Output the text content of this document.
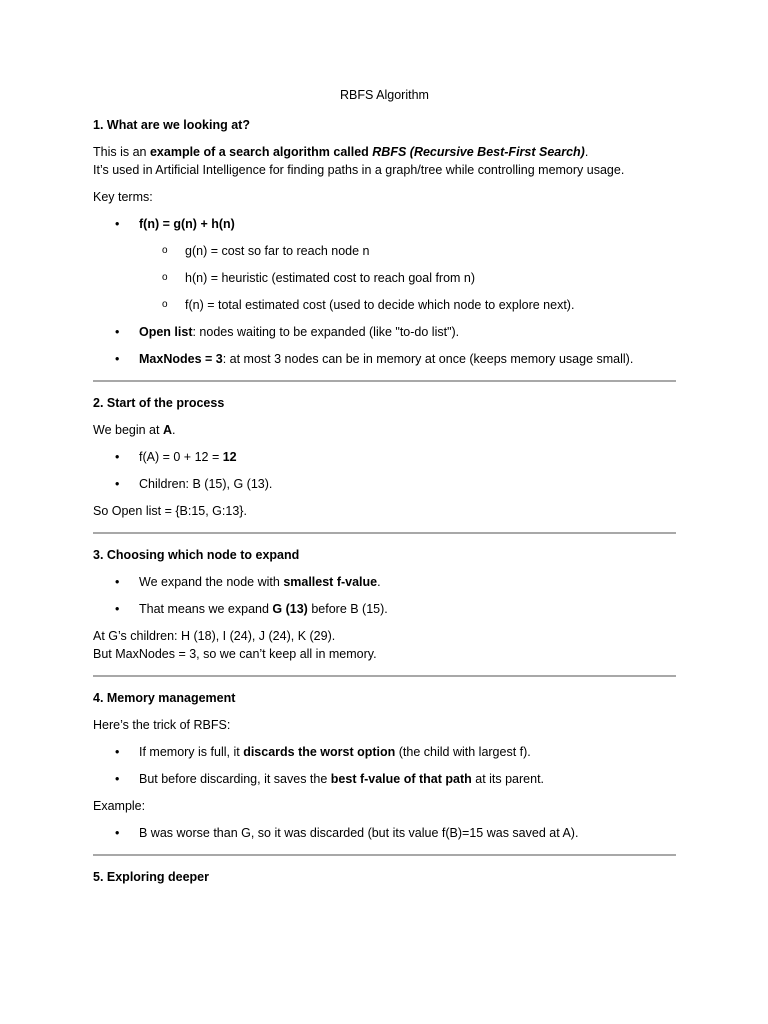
RBFS Algorithm
1. What are we looking at?

This is an example of a search algorithm called RBFS (Recursive Best-First Search).

It’s used in Artificial Intelligence for finding paths in a graph/tree while controlling memory usage.

Key terms:

• f(n) = g(n) + h(n)
o g(n) = cost so far to reach node n
o h(n) = heuristic (estimated cost to reach goal from n)
o f(n) = total estimated cost (used to decide which node to explore next).
• Open list: nodes waiting to be expanded (like "to-do list").
• MaxNodes = 3: at most 3 nodes can be in memory at once (keeps memory usage small).
2. Start of the process

We begin at A.

• f(A) = 0 + 12 = 12
• Children: B (15), G (13).

So Open list = {B:15, G:13}.

3. Choosing which node to expand
• We expand the node with smallest f-value.
• That means we expand G (13) before B (15).

At G’s children: H (18), I (24), J (24), K (29).

But MaxNodes = 3, so we can’t keep all in memory.

4. Memory management

Here’s the trick of RBFS:

• If memory is full, it discards the worst option (the child with largest f).
• But before discarding, it saves the best f-value of that path at its parent.

Example:

• B was worse than G, so it was discarded (but its value f(B)=15 was saved at A).
5. Exploring deeper
